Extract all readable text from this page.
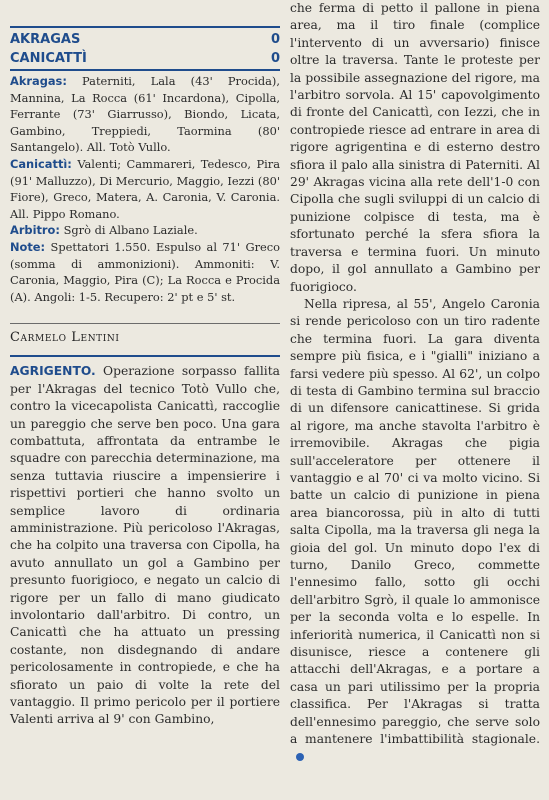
AKRAGAS	0
CANICATTÌ	0

Akragas: Paterniti, Lala (43' Procida), Mannina, La Rocca (61' Incardona), Cipolla, Ferrante (73' Giarrusso), Biondo, Licata, Gambino, Treppiedi, Taormina (80' Santangelo). All. Totò Vullo.

Canicattì: Valenti; Cammareri, Tedesco, Pira (91' Malluzzo), Di Mercurio, Maggio, Iezzi (80' Fiore), Greco, Matera, A. Caronia, V. Caronia. All. Pippo Romano.

Arbitro: Sgrò di Albano Laziale.

Note: Spettatori 1.550. Espulso al 71' Greco (somma di ammonizioni). Ammoniti: V. Caronia, Maggio, Pira (C); La Rocca e Procida (A). Angoli: 1-5. Recupero: 2' pt e 5' st.

Carmelo Lentini

AGRIGENTO. Operazione sorpasso fallita per l'Akragas del tecnico Totò Vullo che, contro la vicecapolista Canicattì, raccoglie un pareggio che serve ben poco. Una gara combattuta, affrontata da entrambe le squadre con parecchia determinazione, ma senza tuttavia riuscire a impensierire i rispettivi portieri che hanno svolto un semplice lavoro di ordinaria amministrazione. Più pericoloso l'Akragas, che ha colpito una traversa con Cipolla, ha avuto annullato un gol a Gambino per presunto fuorigioco, e negato un calcio di rigore per un fallo di mano giudicato involontario dall'arbitro. Di contro, un Canicattì che ha attuato un pressing costante, non disdegnando di andare pericolosamente in contropiede, e che ha sfiorato un paio di volte la rete del vantaggio. Il primo pericolo per il portiere Valenti arriva al 9' con Gambino,

che ferma di petto il pallone in piena area, ma il tiro finale (complice l'intervento di un avversario) finisce oltre la traversa. Tante le proteste per la possibile assegnazione del rigore, ma l'arbitro sorvola. Al 15' capovolgimento di fronte del Canicattì, con Iezzi, che in contropiede riesce ad entrare in area di rigore agrigentina e di esterno destro sfiora il palo alla sinistra di Paterniti. Al 29' Akragas vicina alla rete dell'1-0 con Cipolla che sugli sviluppi di un calcio di punizione colpisce di testa, ma è sfortunato perché la sfera sfiora la traversa e termina fuori. Un minuto dopo, il gol annullato a Gambino per fuorigioco.

Nella ripresa, al 55', Angelo Caronia si rende pericoloso con un tiro radente che termina fuori. La gara diventa sempre più fisica, e i "gialli" iniziano a farsi vedere più spesso. Al 62', un colpo di testa di Gambino termina sul braccio di un difensore canicattinese. Si grida al rigore, ma anche stavolta l'arbitro è irremovibile. Akragas che pigia sull'acceleratore per ottenere il vantaggio e al 70' ci va molto vicino. Si batte un calcio di punizione in piena area biancorossa, più in alto di tutti salta Cipolla, ma la traversa gli nega la gioia del gol. Un minuto dopo l'ex di turno, Danilo Greco, commette l'ennesimo fallo, sotto gli occhi dell'arbitro Sgrò, il quale lo ammonisce per la seconda volta e lo espelle. In inferiorità numerica, il Canicattì non si disunisce, riesce a contenere gli attacchi dell'Akragas, e a portare a casa un pari utilissimo per la propria classifica. Per l'Akragas si tratta dell'ennesimo pareggio, che serve solo a mantenere l'imbattibilità stagionale.
